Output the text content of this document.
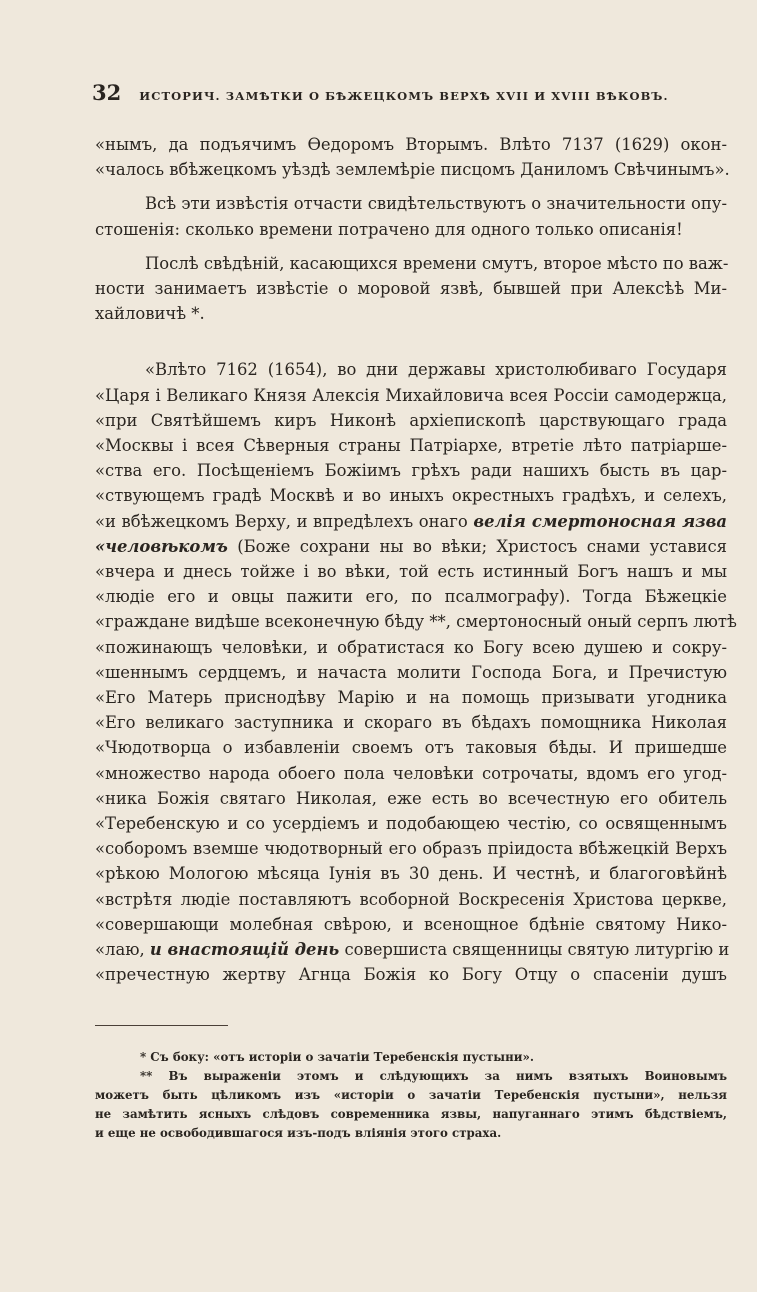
32 ИСТОРИЧ. ЗАМѢТКИ О БѢЖЕЦКОМЪ ВЕРХѢ XVII И XVIII ВѢКОВЪ.

«нымъ, да подъячимъ Ѳедоромъ Вторымъ. Влѣто 7137 (1629) окон-
«чалось вбѣжецкомъ уѣздѣ землемѣріе писцомъ Даниломъ Свѣчинымъ».

Всѣ эти извѣстія отчасти свидѣтельствуютъ о значительности опу-
стошенія: сколько времени потрачено для одного только описанія!

Послѣ свѣдѣній, касающихся времени смутъ, второе мѣсто по важ-
ности занимаетъ извѣстіе о моровой язвѣ, бывшей при Алексѣѣ Ми-
хайловичѣ *.

«Влѣто 7162 (1654), во дни державы христолюбиваго Государя
«Царя і Великаго Князя Алексія Михайловича всея Россіи самодержца,
«при Святѣйшемъ киръ Никонѣ архіепископѣ царствующаго града
«Москвы і всея Сѣверныя страны Патріархе, втретіе лѣто патріарше-
«ства его. Посѣщеніемъ Божіимъ грѣхъ ради нашихъ бысть въ цар-
«ствующемъ градѣ Москвѣ и во иныхъ окрестныхъ градѣхъ, и селехъ,
«и вбѣжецкомъ Верху, и впредѣлехъ онаго велія смертоносная язва
«человѣкомъ (Боже сохрани ны во вѣки; Христосъ снами уставися
«вчера и днесь тойже і во вѣки, той есть истинный Богъ нашъ и мы
«людіе его и овцы пажити его, по псалмографу). Тогда Бѣжецкіе
«граждане видѣше всеконечную бѣду **, смертоносный оный серпъ лютѣ
«пожинающъ человѣки, и обратистася ко Богу всею душею и сокру-
«шеннымъ сердцемъ, и начаста молити Господа Бога, и Пречистую
«Его Матерь приснодѣву Марію и на помощь призывати угодника
«Его великаго заступника и скораго въ бѣдахъ помощника Николая
«Чюдотворца о избавленіи своемъ отъ таковыя бѣды. И пришедше
«множество народа обоего пола человѣки сотрочаты, вдомъ его угод-
«ника Божія святаго Николая, еже есть во всечестную его обитель
«Теребенскую и со усердіемъ и подобающею честію, со освященнымъ
«соборомъ вземше чюдотворный его образъ пріидоста вбѣжецкій Верхъ
«рѣкою Мологою мѣсяца Іунія въ 30 день. И честнѣ, и благоговѣйнѣ
«встрѣтя людіе поставляютъ всоборной Воскресенія Христова церкве,
«совершающи молебная свѣрою, и всенощное бдѣніе святому Нико-
«лаю, и внастоящій день совершиста священницы святую литургію и
«пречестную жертву Агнца Божія ко Богу Отцу о спасеніи душъ
* Съ боку: «отъ исторіи о зачатіи Теребенскія пустыни».
** Въ выраженіи этомъ и слѣдующихъ за нимъ взятыхъ Воиновымъ
можетъ быть цѣликомъ изъ «исторіи о зачатіи Теребенскія пустыни», нельзя
не замѣтить ясныхъ слѣдовъ современника язвы, напуганнаго этимъ бѣдствіемъ,
и еще не освободившагося изъ-подъ вліянія этого страха.
